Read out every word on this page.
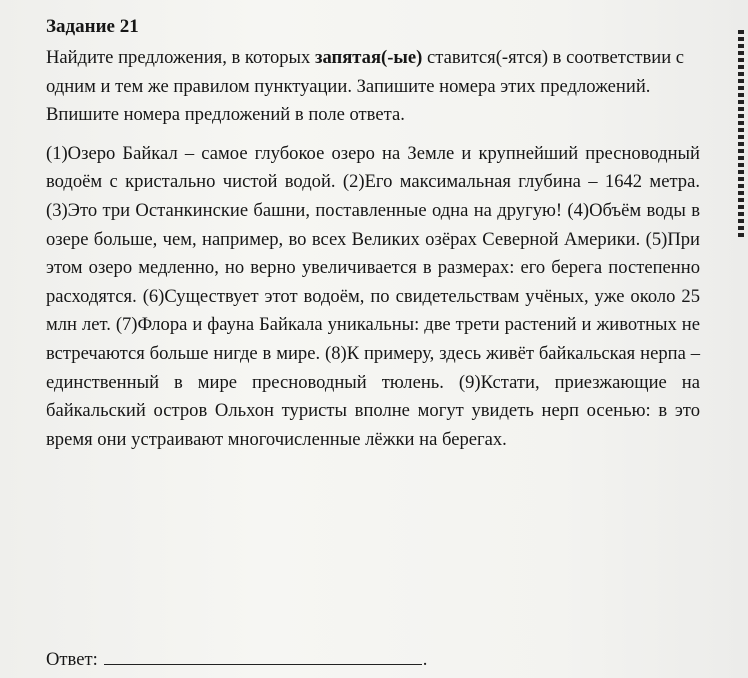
Задание 21

Найдите предложения, в которых запятая(-ые) ставится(-ятся) в соответствии с одним и тем же правилом пунктуации. Запишите номера этих предложений. Впишите номера предложений в поле ответа.

(1)Озеро Байкал – самое глубокое озеро на Земле и крупнейший пресноводный водоём с кристально чистой водой. (2)Его максимальная глубина – 1642 метра. (3)Это три Останкинские башни, поставленные одна на другую! (4)Объём воды в озере больше, чем, например, во всех Великих озёрах Северной Америки. (5)При этом озеро медленно, но верно увеличивается в размерах: его берега постепенно расходятся. (6)Существует этот водоём, по свидетельствам учёных, уже около 25 млн лет. (7)Флора и фауна Байкала уникальны: две трети растений и животных не встречаются больше нигде в мире. (8)К примеру, здесь живёт байкальская нерпа – единственный в мире пресноводный тюлень. (9)Кстати, приезжающие на байкальский остров Ольхон туристы вполне могут увидеть нерп осенью: в это время они устраивают многочисленные лёжки на берегах.

Ответ:	.
